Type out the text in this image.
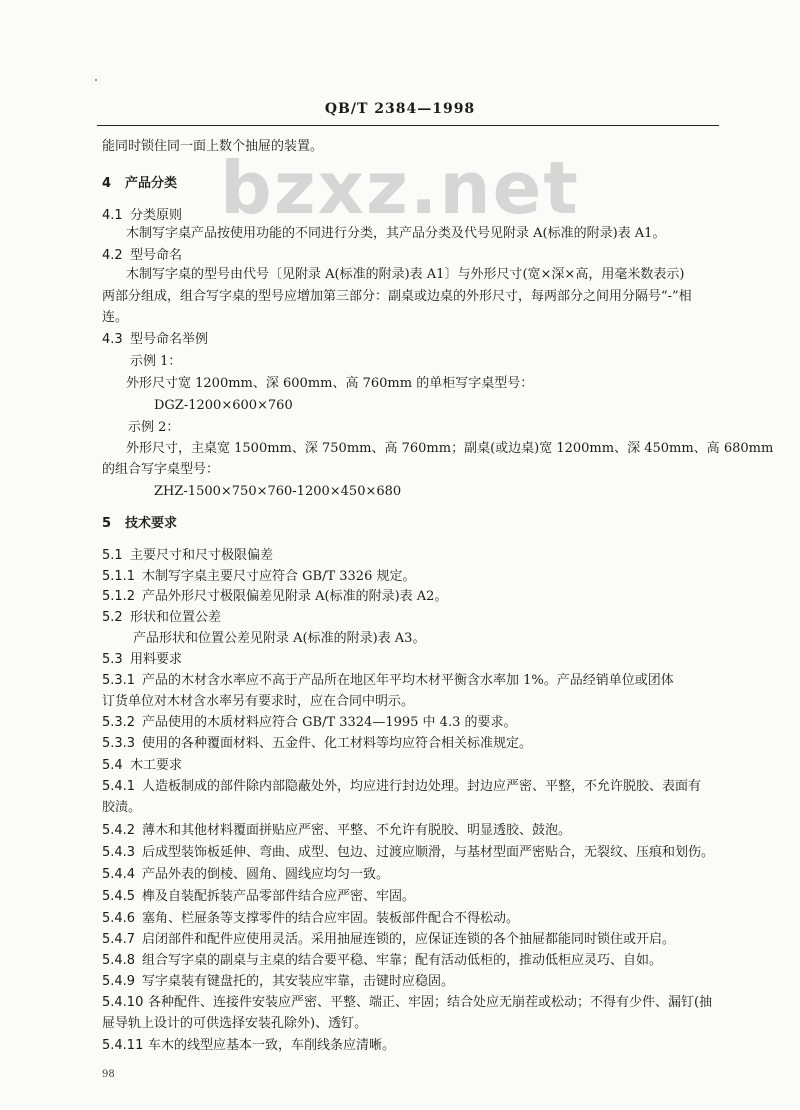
QB/T 2384—1998
bzxz.net
能同时锁住同一面上数个抽屉的装置。
4 产品分类
4.1 分类原则
木制写字桌产品按使用功能的不同进行分类，其产品分类及代号见附录 A(标准的附录)表 A1。
4.2 型号命名
木制写字桌的型号由代号〔见附录 A(标准的附录)表 A1〕与外形尺寸(宽×深×高，用毫米数表示)
两部分组成，组合写字桌的型号应增加第三部分：副桌或边桌的外形尺寸，每两部分之间用分隔号“-”相
连。
4.3 型号命名举例
示例 1：
外形尺寸宽 1200mm、深 600mm、高 760mm 的单柜写字桌型号：
DGZ-1200×600×760
示例 2：
外形尺寸，主桌宽 1500mm、深 750mm、高 760mm；副桌(或边桌)宽 1200mm、深 450mm、高 680mm
的组合写字桌型号：
ZHZ-1500×750×760-1200×450×680
5 技术要求
5.1 主要尺寸和尺寸极限偏差
5.1.1 木制写字桌主要尺寸应符合 GB/T 3326 规定。
5.1.2 产品外形尺寸极限偏差见附录 A(标准的附录)表 A2。
5.2 形状和位置公差
产品形状和位置公差见附录 A(标准的附录)表 A3。
5.3 用料要求
5.3.1 产品的木材含水率应不高于产品所在地区年平均木材平衡含水率加 1%。产品经销单位或团体
订货单位对木材含水率另有要求时，应在合同中明示。
5.3.2 产品使用的木质材料应符合 GB/T 3324—1995 中 4.3 的要求。
5.3.3 使用的各种覆面材料、五金件、化工材料等均应符合相关标准规定。
5.4 木工要求
5.4.1 人造板制成的部件除内部隐蔽处外，均应进行封边处理。封边应严密、平整，不允许脱胶、表面有
胶渍。
5.4.2 薄木和其他材料覆面拼贴应严密、平整、不允许有脱胶、明显透胶、鼓泡。
5.4.3 后成型装饰板延伸、弯曲、成型、包边、过渡应顺滑，与基材型面严密贴合，无裂纹、压痕和划伤。
5.4.4 产品外表的倒棱、圆角、圆线应均匀一致。
5.4.5 榫及自装配拆装产品零部件结合应严密、牢固。
5.4.6 塞角、栏屉条等支撑零件的结合应牢固。装板部件配合不得松动。
5.4.7 启闭部件和配件应使用灵活。采用抽屉连锁的，应保证连锁的各个抽屉都能同时锁住或开启。
5.4.8 组合写字桌的副桌与主桌的结合要平稳、牢靠；配有活动低柜的，推动低柜应灵巧、自如。
5.4.9 写字桌装有键盘托的，其安装应牢靠，击键时应稳固。
5.4.10 各种配件、连接件安装应严密、平整、端正、牢固；结合处应无崩茬或松动；不得有少件、漏钉(抽
屉导轨上设计的可供选择安装孔除外)、透钉。
5.4.11 车木的线型应基本一致，车削线条应清晰。
98
